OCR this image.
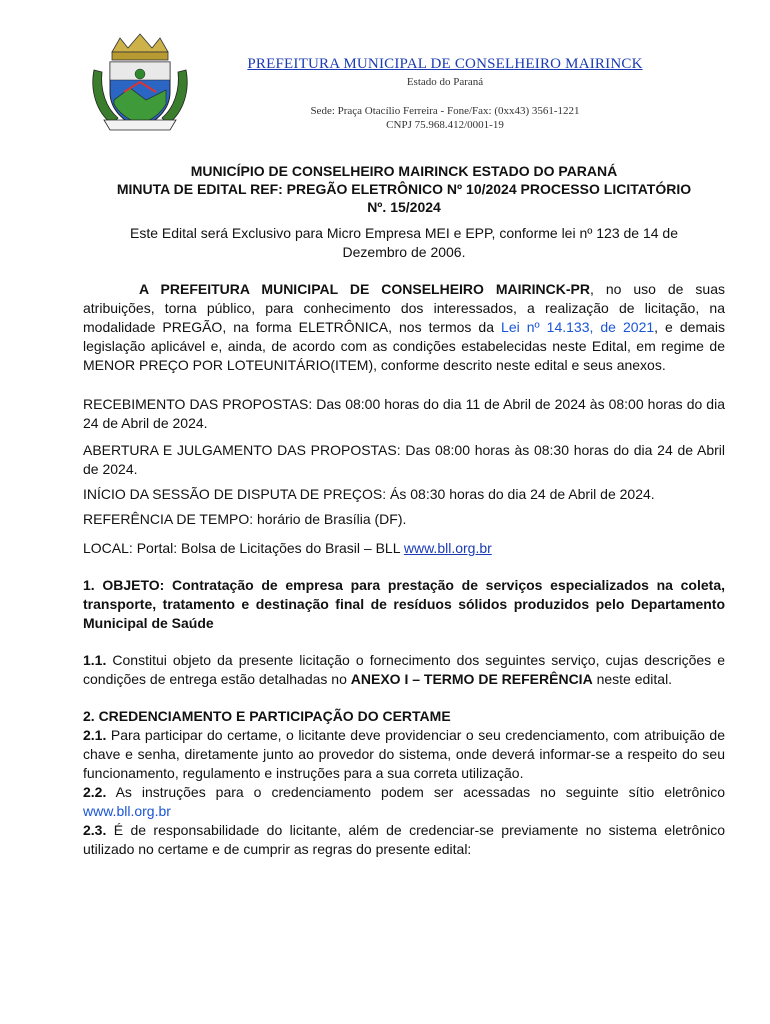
PREFEITURA MUNICIPAL DE CONSELHEIRO MAIRINCK
Estado do Paraná
Sede: Praça Otacílio Ferreira - Fone/Fax: (0xx43) 3561-1221
CNPJ 75.968.412/0001-19
MUNICÍPIO DE CONSELHEIRO MAIRINCK ESTADO DO PARANÁ
MINUTA DE EDITAL REF: PREGÃO ELETRÔNICO Nº 10/2024 PROCESSO LICITATÓRIO
Nº. 15/2024

Este Edital será Exclusivo para Micro Empresa MEI e EPP, conforme lei nº 123 de 14 de Dezembro de 2006.

A PREFEITURA MUNICIPAL DE CONSELHEIRO MAIRINCK-PR, no uso de suas atribuições, torna público, para conhecimento dos interessados, a realização de licitação, na modalidade PREGÃO, na forma ELETRÔNICA, nos termos da Lei nº 14.133, de 2021, e demais legislação aplicável e, ainda, de acordo com as condições estabelecidas neste Edital, em regime de MENOR PREÇO POR LOTEUNITÁRIO(ITEM), conforme descrito neste edital e seus anexos.

RECEBIMENTO DAS PROPOSTAS: Das 08:00 horas do dia 11 de Abril de 2024 às 08:00 horas do dia 24 de Abril de 2024.

ABERTURA E JULGAMENTO DAS PROPOSTAS: Das 08:00 horas às 08:30 horas do dia 24 de Abril de 2024.

INÍCIO DA SESSÃO DE DISPUTA DE PREÇOS: Ás 08:30 horas do dia 24 de Abril de 2024.

REFERÊNCIA DE TEMPO: horário de Brasília (DF).

LOCAL: Portal: Bolsa de Licitações do Brasil – BLL www.bll.org.br

1. OBJETO: Contratação de empresa para prestação de serviços especializados na coleta, transporte, tratamento e destinação final de resíduos sólidos produzidos pelo Departamento Municipal de Saúde

1.1. Constitui objeto da presente licitação o fornecimento dos seguintes serviço, cujas descrições e condições de entrega estão detalhadas no ANEXO I – TERMO DE REFERÊNCIA neste edital.

2. CREDENCIAMENTO E PARTICIPAÇÃO DO CERTAME

2.1. Para participar do certame, o licitante deve providenciar o seu credenciamento, com atribuição de chave e senha, diretamente junto ao provedor do sistema, onde deverá informar-se a respeito do seu funcionamento, regulamento e instruções para a sua correta utilização.

2.2. As instruções para o credenciamento podem ser acessadas no seguinte sítio eletrônico www.bll.org.br

2.3. É de responsabilidade do licitante, além de credenciar-se previamente no sistema eletrônico utilizado no certame e de cumprir as regras do presente edital:
